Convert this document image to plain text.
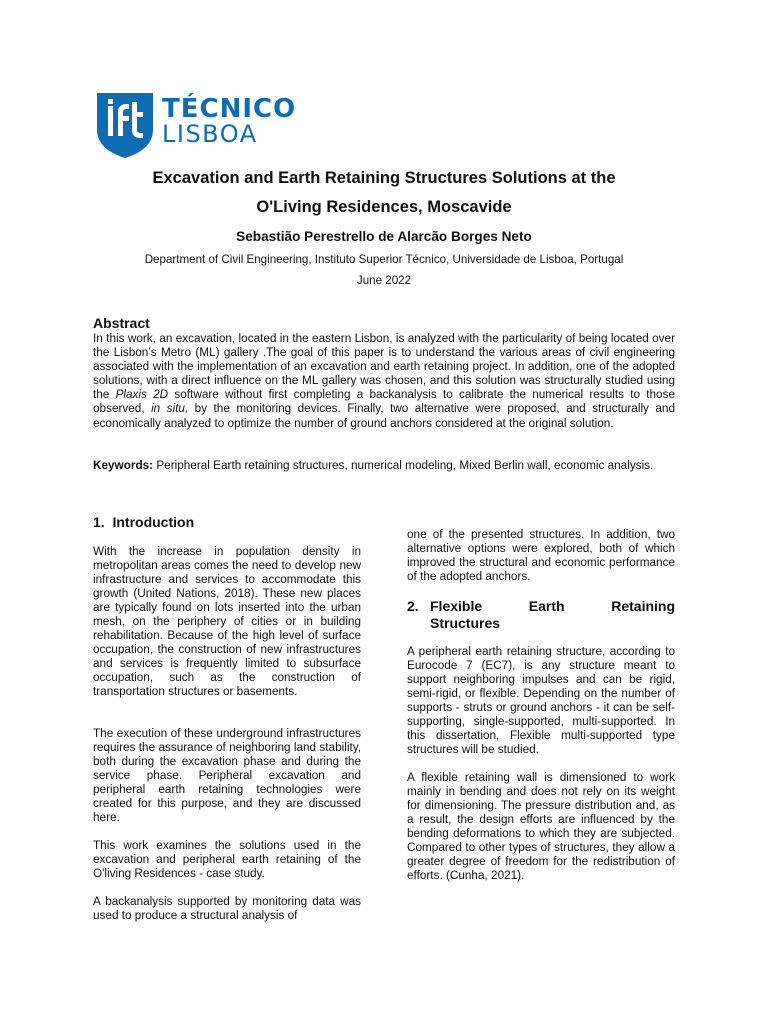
TÉCNICO
LISBOA
Excavation and Earth Retaining Structures Solutions at the
O'Living Residences, Moscavide
Sebastião Perestrello de Alarcão Borges Neto
Department of Civil Engineering, Instituto Superior Técnico, Universidade de Lisboa, Portugal
June 2022
Abstract
In this work, an excavation, located in the eastern Lisbon, is analyzed with the particularity of being located over the Lisbon’s Metro (ML) gallery .The goal of this paper is to understand the various areas of civil engineering associated with the implementation of an excavation and earth retaining project. In addition, one of the adopted solutions, with a direct influence on the ML gallery was chosen, and this solution was structurally studied using the Plaxis 2D software without first completing a backanalysis to calibrate the numerical results to those observed, in situ, by the monitoring devices. Finally, two alternative were proposed, and structurally and economically analyzed to optimize the number of ground anchors considered at the original solution.
Keywords: Peripheral Earth retaining structures, numerical modeling, Mixed Berlin wall, economic analysis.
1. Introduction
With the increase in population density in metropolitan areas comes the need to develop new infrastructure and services to accommodate this growth (United Nations, 2018). These new places are typically found on lots inserted into the urban mesh, on the periphery of cities or in building rehabilitation. Because of the high level of surface occupation, the construction of new infrastructures and services is frequently limited to subsurface occupation, such as the construction of transportation structures or basements.
The execution of these underground infrastructures requires the assurance of neighboring land stability, both during the excavation phase and during the service phase. Peripheral excavation and peripheral earth retaining technologies were created for this purpose, and they are discussed here.
This work examines the solutions used in the excavation and peripheral earth retaining of the O'living Residences - case study.
A backanalysis supported by monitoring data was used to produce a structural analysis of
one of the presented structures. In addition, two alternative options were explored, both of which improved the structural and economic performance of the adopted anchors.
2. Flexible	Earth	Retaining
Structures
A peripheral earth retaining structure, according to Eurocode 7 (EC7), is any structure meant to support neighboring impulses and can be rigid, semi-rigid, or flexible. Depending on the number of supports - struts or ground anchors - it can be self-supporting, single-supported, multi-supported. In this dissertation, Flexible multi-supported type structures will be studied.
A flexible retaining wall is dimensioned to work mainly in bending and does not rely on its weight for dimensioning. The pressure distribution and, as a result, the design efforts are influenced by the bending deformations to which they are subjected. Compared to other types of structures, they allow a greater degree of freedom for the redistribution of efforts. (Cunha, 2021).
